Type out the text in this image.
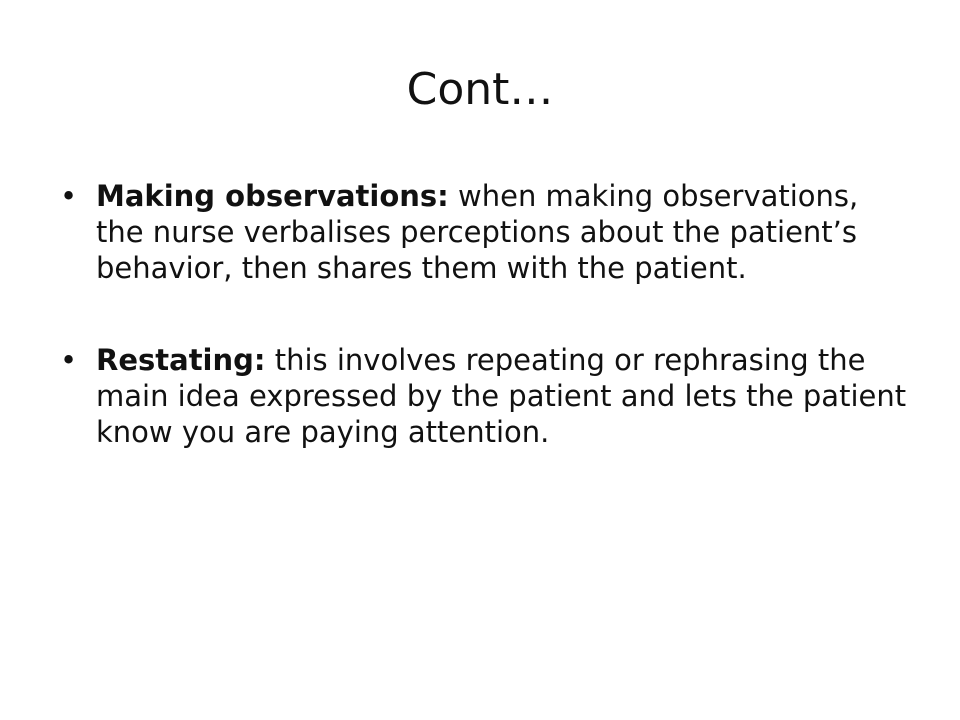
Cont…
• Making observations: when making observations, the nurse verbalises perceptions about the patient’s behavior, then shares them with the patient.
• Restating: this involves repeating or rephrasing the main idea expressed by the patient and lets the patient know you are paying attention.
